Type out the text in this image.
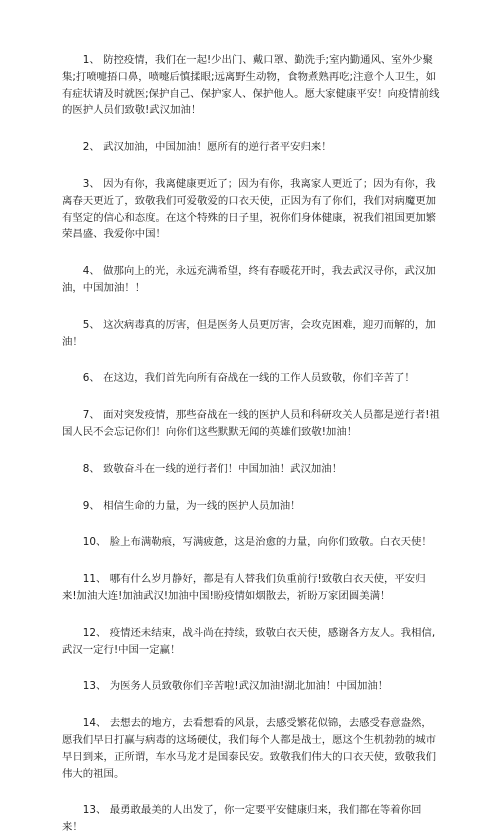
1、 防控疫情，我们在一起!少出门、戴口罩、勤洗手;室内勤通风、室外少聚集;打喷嚏捂口鼻，喷嚏后慎揉眼;远离野生动物，食物煮熟再吃;注意个人卫生，如有症状请及时就医;保护自己、保护家人、保护他人。愿大家健康平安！向疫情前线的医护人员们致敬!武汉加油！

2、 武汉加油，中国加油！愿所有的逆行者平安归来！

3、 因为有你，我离健康更近了；因为有你，我离家人更近了；因为有你，我离春天更近了，致敬我们可爱敬爱的口衣天使，正因为有了你们，我们对病魔更加有坚定的信心和态度。在这个特殊的日子里，祝你们身体健康，祝我们祖国更加繁荣昌盛、我爱你中国！

4、 做那向上的光，永远充满希望，终有春暖花开时，我去武汉寻你，武汉加油，中国加油！！

5、 这次病毒真的厉害，但是医务人员更厉害，会攻克困难，迎刃而解的，加油！

6、 在这边，我们首先向所有奋战在一线的工作人员致敬，你们辛苦了！

7、 面对突发疫情，那些奋战在一线的医护人员和科研攻关人员都是逆行者!祖国人民不会忘记你们！向你们这些默默无闻的英雄们致敬!加油！

8、 致敬奋斗在一线的逆行者们！中国加油！武汉加油！

9、 相信生命的力量，为一线的医护人员加油！

10、 脸上布满勒痕，写满疲惫，这是治愈的力量，向你们致敬。白衣天使！

11、 哪有什么岁月静好，都是有人替我们负重前行!致敬白衣天使，平安归来!加油大连!加油武汉!加油中国!盼疫情如烟散去，祈盼万家团圆美满！

12、 疫情还未结束，战斗尚在持续，致敬白衣天使，感谢各方友人。我相信,武汉一定行!中国一定赢！

13、 为医务人员致敬你们辛苦啦!武汉加油!湖北加油！中国加油！

14、 去想去的地方，去看想看的风景，去感受繁花似锦，去感受春意盎然，愿我们早日打赢与病毒的这场硬仗，我们每个人都是战士，愿这个生机勃勃的城市早日到来，正所谓，车水马龙才是国泰民安。致敬我们伟大的口衣天使，致敬我们伟大的祖国。

13、 最勇敢最美的人出发了，你一定要平安健康归来，我们都在等着你回来！
